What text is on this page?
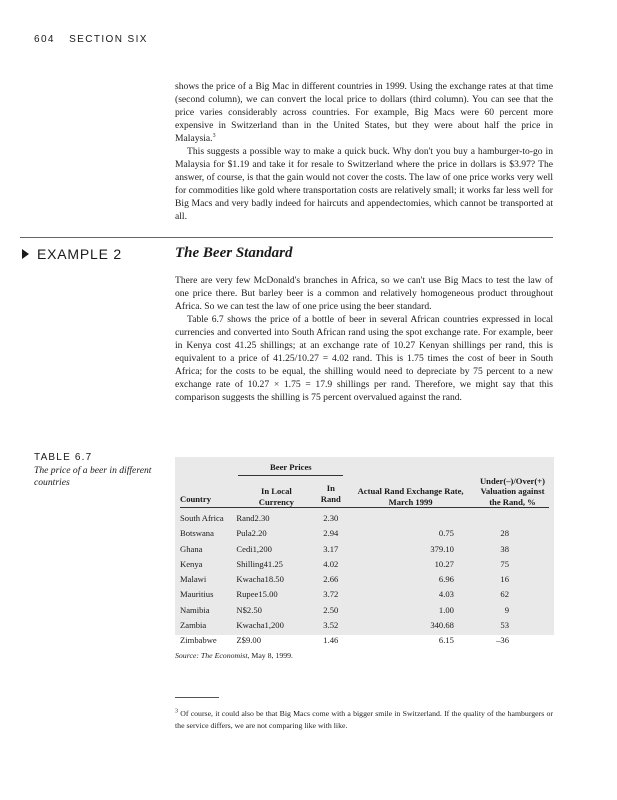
604 SECTION SIX

shows the price of a Big Mac in different countries in 1999. Using the exchange rates at that time (second column), we can convert the local price to dollars (third column). You can see that the price varies considerably across countries. For example, Big Macs were 60 percent more expensive in Switzerland than in the United States, but they were about half the price in Malaysia.$^3$

This suggests a possible way to make a quick buck. Why don't you buy a hamburger-to-go in Malaysia for $1.19 and take it for resale to Switzerland where the price in dollars is $3.97? The answer, of course, is that the gain would not cover the costs. The law of one price works very well for commodities like gold where transportation costs are relatively small; it works far less well for Big Macs and very badly indeed for haircuts and appendectomies, which cannot be transported at all.

EXAMPLE 2	The Beer Standard

There are very few McDonald's branches in Africa, so we can't use Big Macs to test the law of one price there. But barley beer is a common and relatively homogeneous product throughout Africa. So we can test the law of one price using the beer standard.

Table 6.7 shows the price of a bottle of beer in several African countries expressed in local currencies and converted into South African rand using the spot exchange rate. For example, beer in Kenya cost 41.25 shillings; at an exchange rate of 10.27 Kenyan shillings per rand, this is equivalent to a price of 41.25/10.27 = 4.02 rand. This is 1.75 times the cost of beer in South Africa; for the costs to be equal, the shilling would need to depreciate by 75 percent to a new exchange rate of 10.27 × 1.75 = 17.9 shillings per rand. Therefore, we might say that this comparison suggests the shilling is 75 percent overvalued against the rand.

TABLE 6.7
The price of a beer in different countries

	Beer Prices			

Country	In Local Currency	In Rand	Actual Rand Exchange Rate, March 1999	Under(–)/Over(+) Valuation against the Rand, %
South Africa	Rand2.30	2.30		
Botswana	Pula2.20	2.94	0.75	28
Ghana	Cedi1,200	3.17	379.10	38
Kenya	Shilling41.25	4.02	10.27	75
Malawi	Kwacha18.50	2.66	6.96	16
Mauritius	Rupee15.00	3.72	4.03	62
Namibia	N$2.50	2.50	1.00	9
Zambia	Kwacha1,200	3.52	340.68	53
Zimbabwe	Z$9.00	1.46	6.15	–36
Source: The Economist, May 8, 1999.
$^3$ Of course, it could also be that Big Macs come with a bigger smile in Switzerland. If the quality of the hamburgers or the service differs, we are not comparing like with like.
